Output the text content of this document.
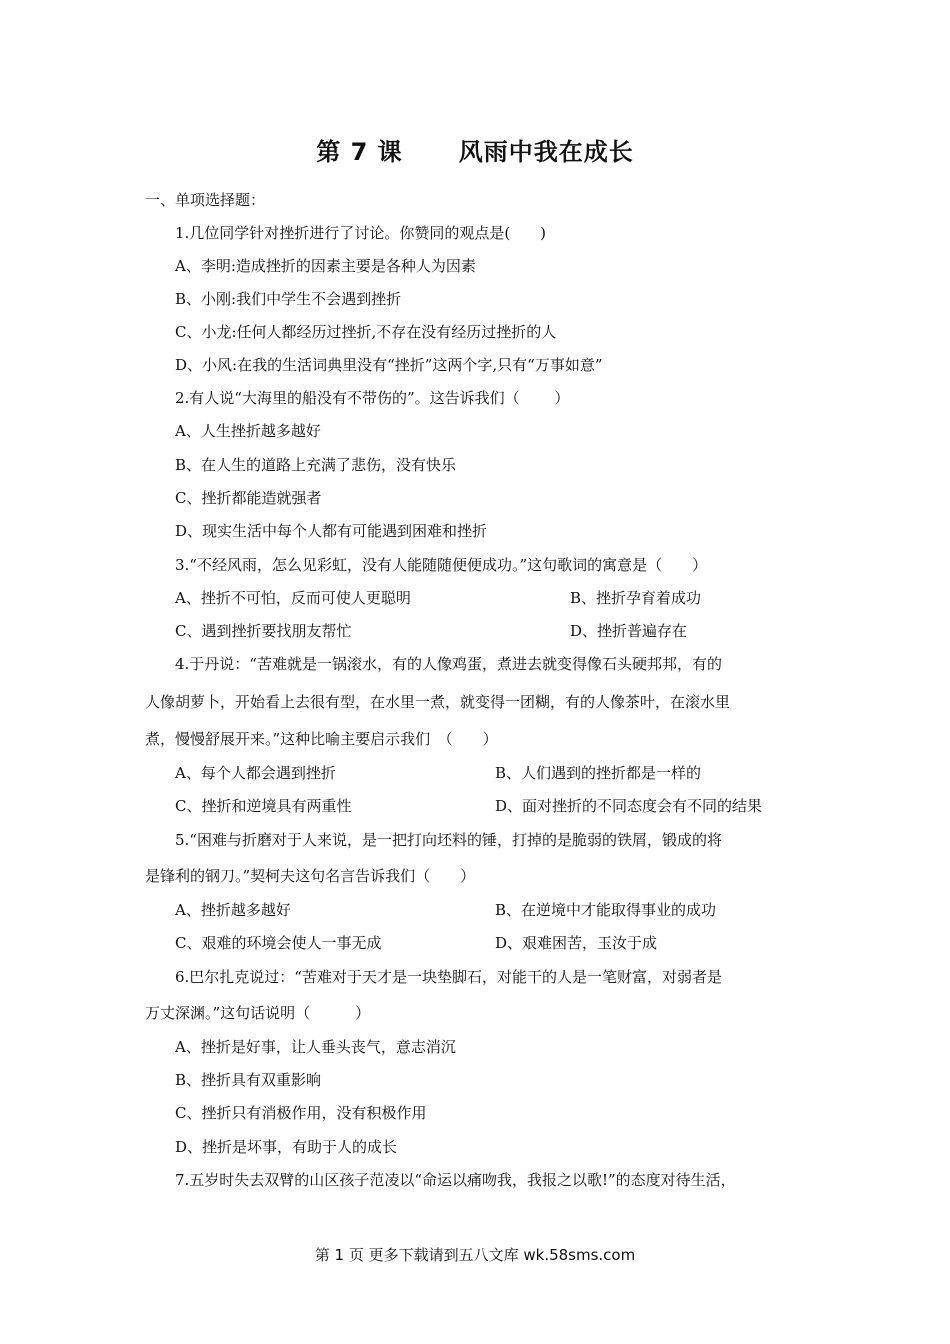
第 7 课      风雨中我在成长
一、单项选择题：
1.几位同学针对挫折进行了讨论。你赞同的观点是(　　)
A、李明:造成挫折的因素主要是各种人为因素
B、小刚:我们中学生不会遇到挫折
C、小龙:任何人都经历过挫折,不存在没有经历过挫折的人
D、小风:在我的生活词典里没有“挫折”这两个字,只有“万事如意”
2.有人说“大海里的船没有不带伤的”。这告诉我们（　　 ）
A、人生挫折越多越好
B、在人生的道路上充满了悲伤，没有快乐
C、挫折都能造就强者
D、现实生活中每个人都有可能遇到困难和挫折
3.“不经风雨，怎么见彩虹，没有人能随随便便成功。”这句歌词的寓意是（　　）
A、挫折不可怕，反而可使人更聪明	B、挫折孕育着成功
C、遇到挫折要找朋友帮忙	D、挫折普遍存在
4.于丹说：“苦难就是一锅滚水，有的人像鸡蛋，煮进去就变得像石头硬邦邦，有的
人像胡萝卜，开始看上去很有型，在水里一煮，就变得一团糊，有的人像茶叶，在滚水里
煮，慢慢舒展开来。”这种比喻主要启示我们　（　　）
A、每个人都会遇到挫折	B、人们遇到的挫折都是一样的
C、挫折和逆境具有两重性	D、面对挫折的不同态度会有不同的结果
5.“困难与折磨对于人来说，是一把打向坯料的锤，打掉的是脆弱的铁屑，锻成的将
是锋利的钢刀。”契柯夫这句名言告诉我们（　　）
A、挫折越多越好	B、在逆境中才能取得事业的成功
C、艰难的环境会使人一事无成	D、艰难困苦，玉汝于成
6.巴尔扎克说过：“苦难对于天才是一块垫脚石，对能干的人是一笔财富，对弱者是
万丈深渊。”这句话说明（　　　）
A、挫折是好事，让人垂头丧气，意志消沉
B、挫折具有双重影响
C、挫折只有消极作用，没有积极作用
D、挫折是坏事，有助于人的成长
7.五岁时失去双臂的山区孩子范凌以“命运以痛吻我，我报之以歌!”的态度对待生活，
第 1 页 更多下载请到五八文库 wk.58sms.com
